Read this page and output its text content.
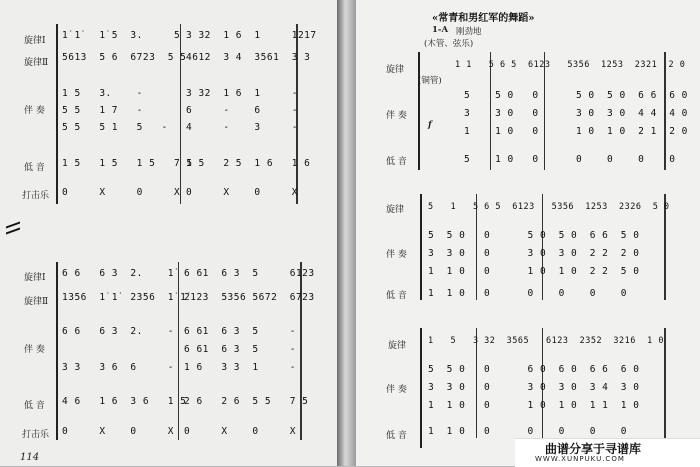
旋律Ⅰ
旋律Ⅱ
伴 奏
低 音
打击乐
1̇ 1̇   1̇ 5  3.     5
5613  5 6  6723  5 5
1 5   3.    -
5 5   1 7   -
5 5   5 1   5   -
1 5   1 5   1 5   7 5
0     X     0     X
3 32  1 6  1     1217
4612  3 4  3561  3 3
3 32  1 6  1     -
6     -    6     -
4     -    3     -
1 5   2 5  1 6   1 6
0     X    0     X
旋律Ⅰ
旋律Ⅱ
伴 奏
低 音
打击乐
6 6   6 3  2.    1̇
1356  1̇ 1̇  2356  1̇ 1̇
6 6   6 3  2.    -
3 3   3 6  6     -
4 6   1 6  3 6   1 5
0     X    0     X
6 61  6 3  5     6123
2123  5356 5672  6723
6 61  6 3  5     -
6 61  6 3  5     -
1 6   3 3  1     -
2 6   2 6  5 5   7 5
0     X    0     X
114
«常青和男红军的舞蹈»
1-A 刚劲地
(木管、弦乐)
(铜管)
f
旋律
伴 奏
低 音
1 1   5 6 5  6123   5356  1253  2321  2 0
5    5 0   0      5 0  5 0  6 6  6 0
3    3 0   0      3 0  3 0  4 4  4 0
1    1 0   0      1 0  1 0  2 1  2 0
5    1 0   0      0    0    0    0
旋律
伴 奏
低 音
5   1   5 6 5  6123   5356  1253  2326  5 0
5  5 0   0      5 0  5 0  6 6  5 0
3  3 0   0      3 0  3 0  2 2  2 0
1  1 0   0      1 0  1 0  2 2  5 0
1  1 0   0      0    0    0    0
旋律
伴 奏
低 音
1   5   3 32  3565   6123  2352  3216  1 0
5  5 0   0      6 0  6 0  6 6  6 0
3  3 0   0      3 0  3 0  3 4  3 0
1  1 0   0      1 0  1 0  1 1  1 0
1  1 0   0      0    0    0    0
曲谱分享于寻谱库
WWW.XUNPUKU.COM
